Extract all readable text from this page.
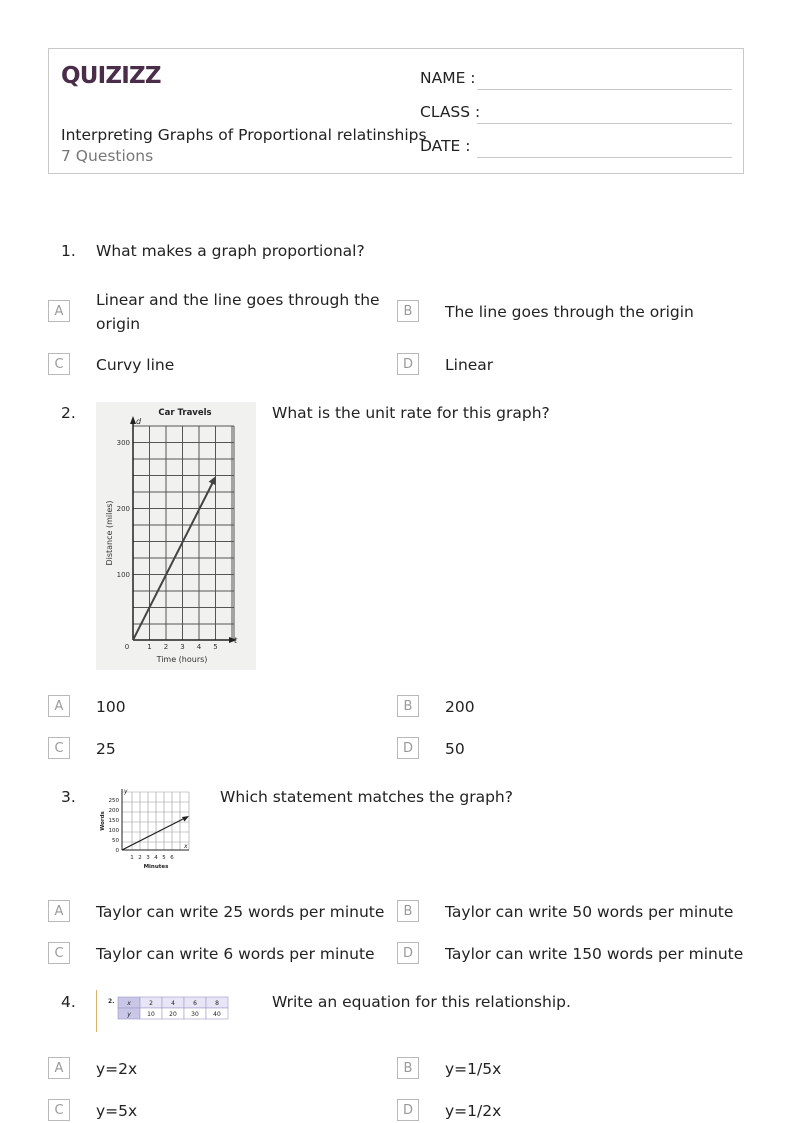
QUIZIZZ
Interpreting Graphs of Proportional relatinships
7 Questions
NAME :
CLASS :
DATE :
1. What makes a graph proportional?
A
Linear and the line goes through the origin
B	The line goes through the origin
C	Curvy line	D	Linear
2.	Car Travels
d
t
300
200
100
0	1 2 3 4 5
Time (hours)
Distance (miles)
What is the unit rate for this graph?
A	100	B	200
C	25	D	50
3.	y
x
250
200
150
100
50
0
1 2 3 4 5 6
Minutes
Words
Which statement matches the graph?
A	Taylor can write 25 words per minute	B	Taylor can write 50 words per minute
C	Taylor can write 6 words per minute	D	Taylor can write 150 words per minute
4.	2. x	2	4	6	8
y	10 20 30 40
Write an equation for this relationship.
A	y=2x	B	y=1/5x
C	y=5x	D	y=1/2x
